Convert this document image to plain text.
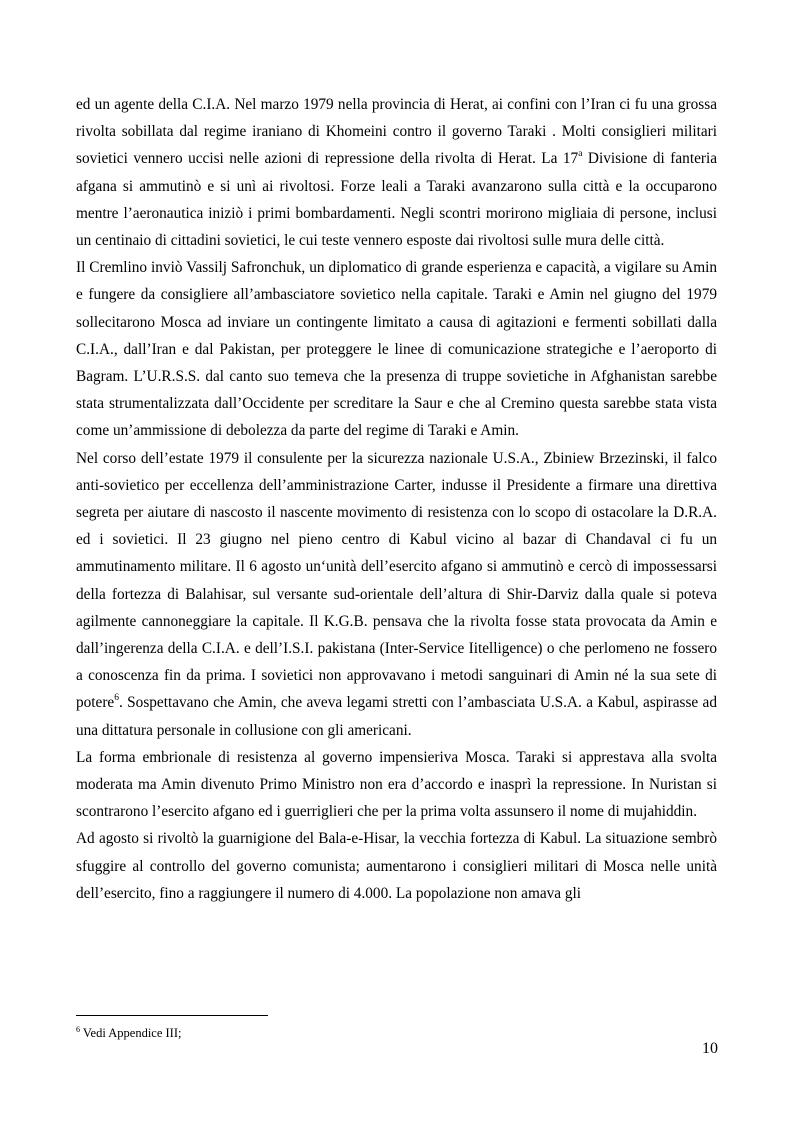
ed un agente della C.I.A. Nel marzo 1979 nella provincia di Herat, ai confini con l’Iran ci fu una grossa rivolta sobillata dal regime iraniano di Khomeini contro il governo Taraki . Molti consiglieri militari sovietici vennero uccisi nelle azioni di repressione della rivolta di Herat. La 17$^a$ Divisione di fanteria afgana si ammutinò e si unì ai rivoltosi. Forze leali a Taraki avanzarono sulla città e la occuparono mentre l’aeronautica iniziò i primi bombardamenti. Negli scontri morirono migliaia di persone, inclusi un centinaio di cittadini sovietici, le cui teste vennero esposte dai rivoltosi sulle mura delle città.

Il Cremlino inviò Vassilj Safronchuk, un diplomatico di grande esperienza e capacità, a vigilare su Amin e fungere da consigliere all’ambasciatore sovietico nella capitale. Taraki e Amin nel giugno del 1979 sollecitarono Mosca ad inviare un contingente limitato a causa di agitazioni e fermenti sobillati dalla C.I.A., dall’Iran e dal Pakistan, per proteggere le linee di comunicazione strategiche e l’aeroporto di Bagram. L’U.R.S.S. dal canto suo temeva che la presenza di truppe sovietiche in Afghanistan sarebbe stata strumentalizzata dall’Occidente per screditare la Saur e che al Cremino questa sarebbe stata vista come un’ammissione di debolezza da parte del regime di Taraki e Amin.

Nel corso dell’estate 1979 il consulente per la sicurezza nazionale U.S.A., Zbiniew Brzezinski, il falco anti-sovietico per eccellenza dell’amministrazione Carter, indusse il Presidente a firmare una direttiva segreta per aiutare di nascosto il nascente movimento di resistenza con lo scopo di ostacolare la D.R.A. ed i sovietici. Il 23 giugno nel pieno centro di Kabul vicino al bazar di Chandaval ci fu un ammutinamento militare. Il 6 agosto un‘unità dell’esercito afgano si ammutinò e cercò di impossessarsi della fortezza di Balahisar, sul versante sud-orientale dell’altura di Shir-Darviz dalla quale si poteva agilmente cannoneggiare la capitale. Il K.G.B. pensava che la rivolta fosse stata provocata da Amin e dall’ingerenza della C.I.A. e dell’I.S.I. pakistana (Inter-Service Iitelligence) o che perlomeno ne fossero a conoscenza fin da prima. I sovietici non approvavano i metodi sanguinari di Amin né la sua sete di potere$^6$. Sospettavano che Amin, che aveva legami stretti con l’ambasciata U.S.A. a Kabul, aspirasse ad una dittatura personale in collusione con gli americani.

La forma embrionale di resistenza al governo impensieriva Mosca. Taraki si apprestava alla svolta moderata ma Amin divenuto Primo Ministro non era d’accordo e inasprì la repressione. In Nuristan si scontrarono l’esercito afgano ed i guerriglieri che per la prima volta assunsero il nome di mujahiddin.

Ad agosto si rivoltò la guarnigione del Bala-e-Hisar, la vecchia fortezza di Kabul. La situazione sembrò sfuggire al controllo del governo comunista; aumentarono i consiglieri militari di Mosca nelle unità dell’esercito, fino a raggiungere il numero di 4.000. La popolazione non amava gli

$^6$ Vedi Appendice III;
10
